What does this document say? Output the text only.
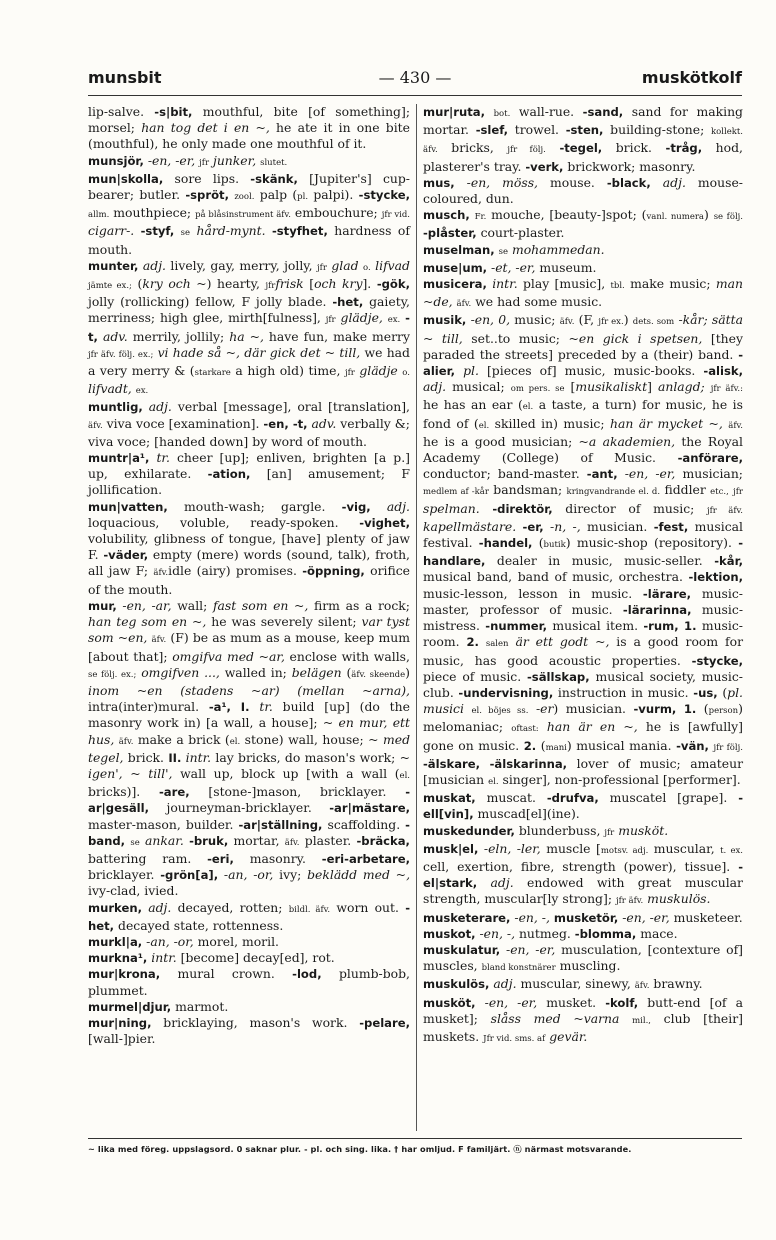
munsbit	— 430 —	muskötkolf

lip-salve. -s|bit, mouthful, bite [of something]; morsel; han tog det i en ~, he ate it in one bite (mouthful), he only made one mouthful of it.

munsjör, -en, -er, jfr junker, slutet.

mun|skolla, sore lips. -skänk, [Jupiter's] cup-bearer; butler. -spröt, zool. palp (pl. palpi). -stycke, allm. mouthpiece; på blåsinstrument äfv. embouchure; jfr vid. cigarr-. -styf, se hård-mynt. -styfhet, hardness of mouth.

munter, adj. lively, gay, merry, jolly, jfr glad o. lifvad jämte ex.; (kry och ~) hearty, jfrfrisk [och kry]. -gök, jolly (rollicking) fellow, F jolly blade. -het, gaiety, merriness; high glee, mirth[fulness], jfr glädje, ex. -t, adv. merrily, jollily; ha ~, have fun, make merry jfr äfv. följ. ex.; vi hade så ~, där gick det ~ till, we had a very merry & (starkare a high old) time, jfr glädje o. lifvadt, ex.

muntlig, adj. verbal [message], oral [translation], äfv. viva voce [examination]. -en, -t, adv. verbally &; viva voce; [handed down] by word of mouth.

muntr|a¹, tr. cheer [up]; enliven, brighten [a p.] up, exhilarate. -ation, [an] amusement; F jollification.

mun|vatten, mouth-wash; gargle. -vig, adj. loquacious, voluble, ready-spoken. -vighet, volubility, glibness of tongue, [have] plenty of jaw F. -väder, empty (mere) words (sound, talk), froth, all jaw F; äfv.idle (airy) promises. -öppning, orifice of the mouth.

mur, -en, -ar, wall; fast som en ~, firm as a rock; han teg som en ~, he was severely silent; var tyst som ~en, äfv. (F) be as mum as a mouse, keep mum [about that]; omgifva med ~ar, enclose with walls, se följ. ex.; omgifven ..., walled in; belägen (äfv. skeende) inom ~en (stadens ~ar) (mellan ~arna), intra(inter)mural. -a¹, I. tr. build [up] (do the masonry work in) [a wall, a house]; ~ en mur, ett hus, äfv. make a brick (el. stone) wall, house; ~ med tegel, brick. II. intr. lay bricks, do mason's work; ~ igen', ~ till', wall up, block up [with a wall (el. bricks)]. -are, [stone-]mason, bricklayer. -ar|gesäll, journeyman-bricklayer. -ar|mästare, master-mason, builder. -ar|ställning, scaffolding. -band, se ankar. -bruk, mortar, äfv. plaster. -bräcka, battering ram. -eri, masonry. -eri-arbetare, bricklayer. -grön[a], -an, -or, ivy; beklädd med ~, ivy-clad, ivied.

murken, adj. decayed, rotten; bildl. äfv. worn out. -het, decayed state, rottenness.

murkl|a, -an, -or, morel, moril.

murkna¹, intr. [become] decay[ed], rot.

mur|krona, mural crown. -lod, plumb-bob, plummet.

murmel|djur, marmot.

mur|ning, bricklaying, mason's work. -pelare, [wall-]pier.

mur|ruta, bot. wall-rue. -sand, sand for making mortar. -slef, trowel. -sten, building-stone; kollekt. äfv. bricks, jfr följ. -tegel, brick. -tråg, hod, plasterer's tray. -verk, brickwork; masonry.

mus, -en, möss, mouse. -black, adj. mouse-coloured, dun.

musch, Fr. mouche, [beauty-]spot; (vanl. numera) se följ. -plåster, court-plaster.

muselman, se mohammedan.

muse|um, -et, -er, museum.

musicera, intr. play [music], tbl. make music; man ~de, äfv. we had some music.

musik, -en, 0, music; äfv. (F, jfr ex.) dets. som -kår; sätta ~ till, set..to music; ~en gick i spetsen, [they paraded the streets] preceded by a (their) band. -alier, pl. [pieces of] music, music-books. -alisk, adj. musical; om pers. se [musikaliskt] anlagd; jfr äfv.: he has an ear (el. a taste, a turn) for music, he is fond of (el. skilled in) music; han är mycket ~, äfv. he is a good musician; ~a akademien, the Royal Academy (College) of Music. -anförare, conductor; band-master. -ant, -en, -er, musician; medlem af -kår bandsman; kringvandrande el. d. fiddler etc., jfr spelman. -direktör, director of music; jfr äfv. kapellmästare. -er, -n, -, musician. -fest, musical festival. -handel, (butik) music-shop (repository). -handlare, dealer in music, music-seller. -kår, musical band, band of music, orchestra. -lektion, music-lesson, lesson in music. -lärare, music-master, professor of music. -lärarinna, music-mistress. -nummer, musical item. -rum, 1. music-room. 2. salen är ett godt ~, is a good room for music, has good acoustic properties. -stycke, piece of music. -sällskap, musical society, music-club. -undervisning, instruction in music. -us, (pl. musici el. böjes ss. -er) musician. -vurm, 1. (person) melomaniac; oftast: han är en ~, he is [awfully] gone on music. 2. (mani) musical mania. -vän, jfr följ. -älskare, -älskarinna, lover of music; amateur [musician el. singer], non-professional [performer].

muskat, muscat. -drufva, muscatel [grape]. -ell[vin], muscad[el](ine).

muskedunder, blunderbuss, jfr musköt.

musk|el, -eln, -ler, muscle [motsv. adj. muscular, t. ex. cell, exertion, fibre, strength (power), tissue]. -el|stark, adj. endowed with great muscular strength, muscular[ly strong]; jfr äfv. muskulös.

musketerare, -en, -, musketör, -en, -er, musketeer.

muskot, -en, -, nutmeg. -blomma, mace.

muskulatur, -en, -er, musculation, [contexture of] muscles, bland konstnärer muscling.

muskulös, adj. muscular, sinewy, äfv. brawny.

musköt, -en, -er, musket. -kolf, butt-end [of a musket]; slåss med ~varna mil., club [their] muskets. Jfr vid. sms. af gevär.

~ lika med föreg. uppslagsord. 0 saknar plur. - pl. och sing. lika. † har omljud. F familjärt. ⓝ närmast motsvarande.
